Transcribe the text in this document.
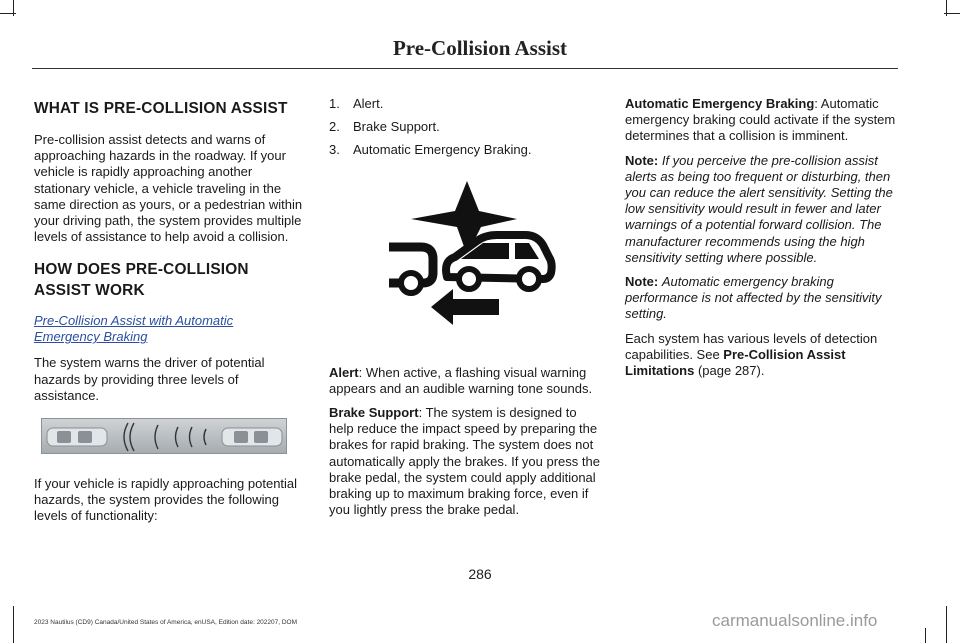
Pre-Collision Assist
WHAT IS PRE-COLLISION ASSIST

Pre-collision assist detects and warns of approaching hazards in the roadway. If your vehicle is rapidly approaching another stationary vehicle, a vehicle traveling in the same direction as yours, or a pedestrian within your driving path, the system provides multiple levels of assistance to help avoid a collision.

HOW DOES PRE-COLLISION
ASSIST WORK
Pre-Collision Assist with Automatic
Emergency Braking

The system warns the driver of potential hazards by providing three levels of assistance.

If your vehicle is rapidly approaching potential hazards, the system provides the following levels of functionality:

1.	Alert.
2.	Brake Support.
3.	Automatic Emergency Braking.

Alert: When active, a flashing visual warning appears and an audible warning tone sounds.

Brake Support: The system is designed to help reduce the impact speed by preparing the brakes for rapid braking. The system does not automatically apply the brakes. If you press the brake pedal, the system could apply additional braking up to maximum braking force, even if you lightly press the brake pedal.

Automatic Emergency Braking: Automatic emergency braking could activate if the system determines that a collision is imminent.

Note: If you perceive the pre-collision assist alerts as being too frequent or disturbing, then you can reduce the alert sensitivity. Setting the low sensitivity would result in fewer and later warnings of a potential forward collision. The manufacturer recommends using the high sensitivity setting where possible.

Note: Automatic emergency braking performance is not affected by the sensitivity setting.

Each system has various levels of detection capabilities. See Pre-Collision Assist Limitations (page 287).

286
2023 Nautilus (CD9) Canada/United States of America, enUSA, Edition date: 202207, DOM	carmanualsonline.info
